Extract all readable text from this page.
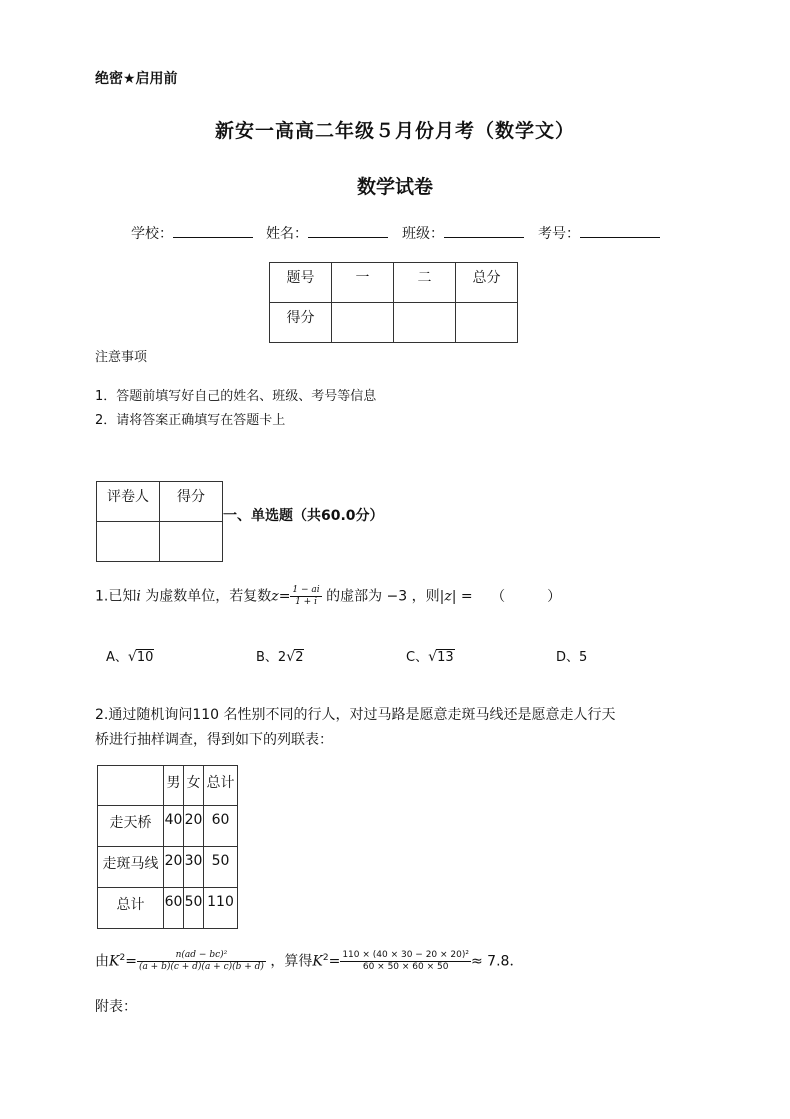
绝密★启用前
新安一高高二年级５月份月考（数学文）
数学试卷
学校：	姓名：	班级：	考号：
题号	一	二	总分
得分			
注意事项
1．答题前填写好自己的姓名、班级、考号等信息
2．请将答案正确填写在答题卡上
评卷人	得分

一、单选题（共60.0分）
1.已知i 为虚数单位，若复数$z= \frac{1 - ai}{1 + i}$ 的虚部为 −3 ，则|z| = （　　　）
A、 √ 10	B、2 √ 2	C、 √ 13	D、5
2.通过随机询问110 名性别不同的行人，对过马路是愿意走斑马线还是愿意走人行天
桥进行抽样调查，得到如下的列联表：
	男	女	总计
走天桥	40	20	60
走斑马线	20	30	50
总计	60	50	110
由$K^2= \frac{\text{n(ad − bc)²}}{(a + b)(c + d)(a + c)(b + d)}$ ，算得$K^2= \frac{\text{110 × (40 × 30 − 20 × 20)²}}{60 \times 50 \times 60 \times 50} \approx 7.8$．
附表：
